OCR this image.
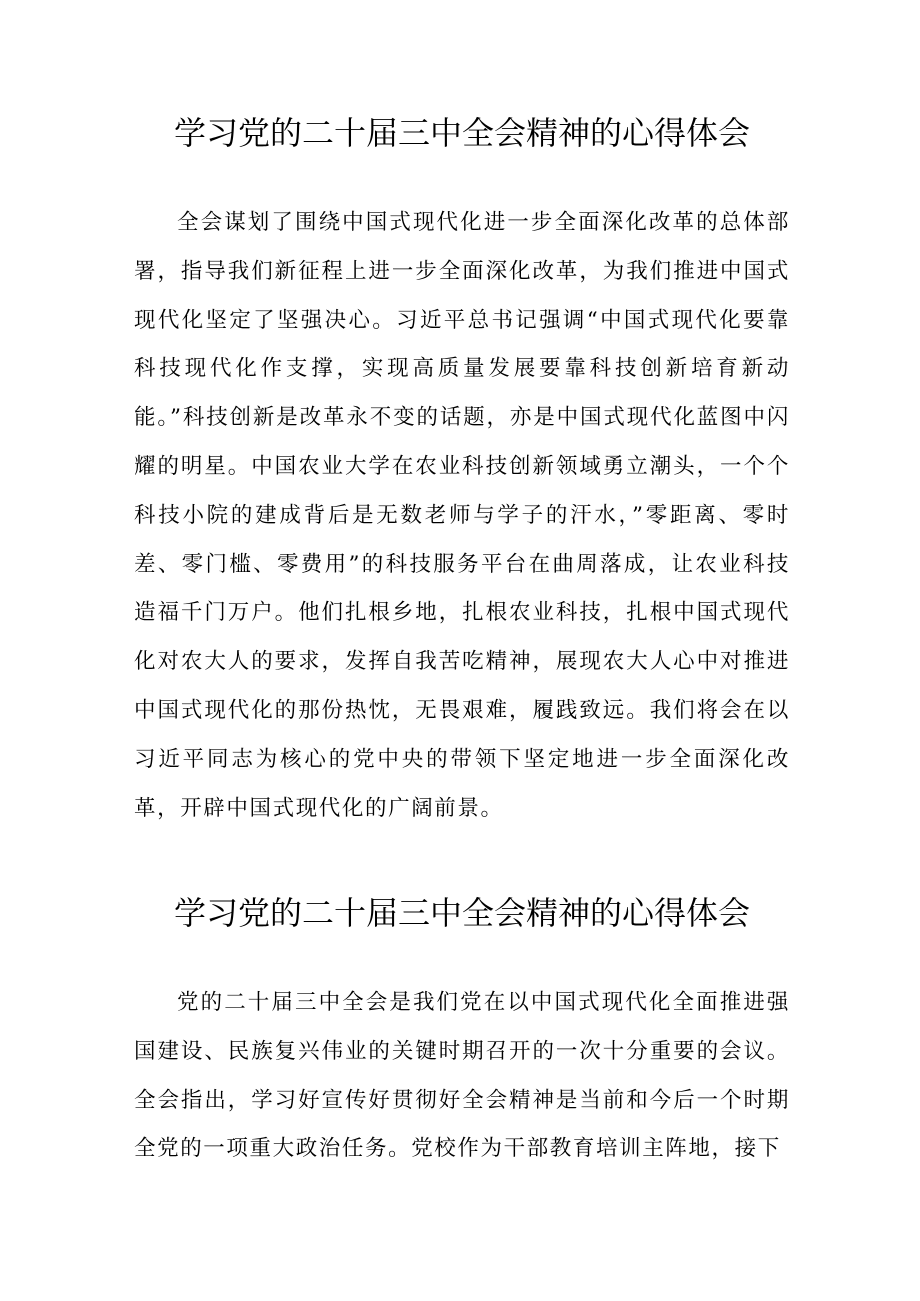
学习党的二十届三中全会精神的心得体会

全会谋划了围绕中国式现代化进一步全面深化改革的总体部署，指导我们新征程上进一步全面深化改革，为我们推进中国式现代化坚定了坚强决心。习近平总书记强调“中国式现代化要靠科技现代化作支撑，实现高质量发展要靠科技创新培育新动能。”科技创新是改革永不变的话题，亦是中国式现代化蓝图中闪耀的明星。中国农业大学在农业科技创新领域勇立潮头，一个个科技小院的建成背后是无数老师与学子的汗水，”零距离、零时差、零门槛、零费用”的科技服务平台在曲周落成，让农业科技造福千门万户。他们扎根乡地，扎根农业科技，扎根中国式现代化对农大人的要求，发挥自我苦吃精神，展现农大人心中对推进中国式现代化的那份热忱，无畏艰难，履践致远。我们将会在以习近平同志为核心的党中央的带领下坚定地进一步全面深化改革，开辟中国式现代化的广阔前景。

学习党的二十届三中全会精神的心得体会

党的二十届三中全会是我们党在以中国式现代化全面推进强国建设、民族复兴伟业的关键时期召开的一次十分重要的会议。全会指出，学习好宣传好贯彻好全会精神是当前和今后一个时期全党的一项重大政治任务。党校作为干部教育培训主阵地，接下
